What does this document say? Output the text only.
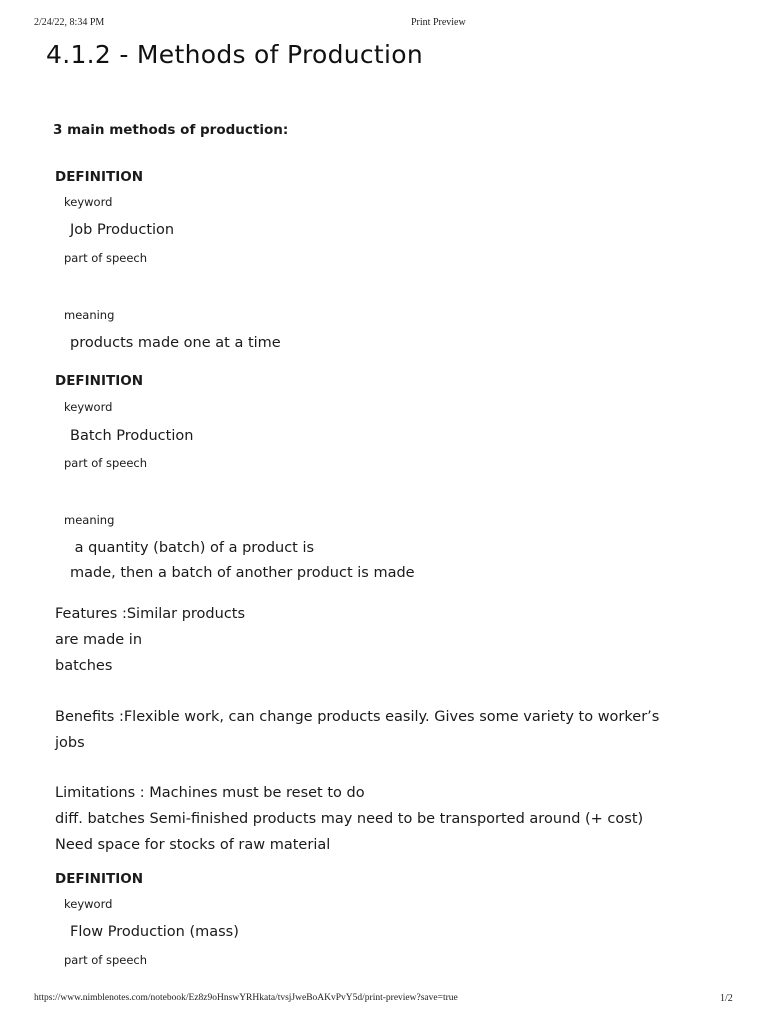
2/24/22, 8:34 PM	Print Preview
4.1.2 - Methods of Production
3 main methods of production:
DEFINITION
keyword
Job Production
part of speech
meaning
products made one at a time
DEFINITION
keyword
Batch Production
part of speech
meaning
a quantity (batch) of a product is
made, then a batch of another product is made
Features :Similar products
are made in
batches
Benefits :Flexible work, can change products easily. Gives some variety to worker’s
jobs
Limitations : Machines must be reset to do
diff. batches Semi-finished products may need to be transported around (+ cost)
Need space for stocks of raw material
DEFINITION
keyword
Flow Production (mass)
part of speech
https://www.nimblenotes.com/notebook/Ez8z9oHnswYRHkata/tvsjJweBoAKvPvY5d/print-preview?save=true	1/2
